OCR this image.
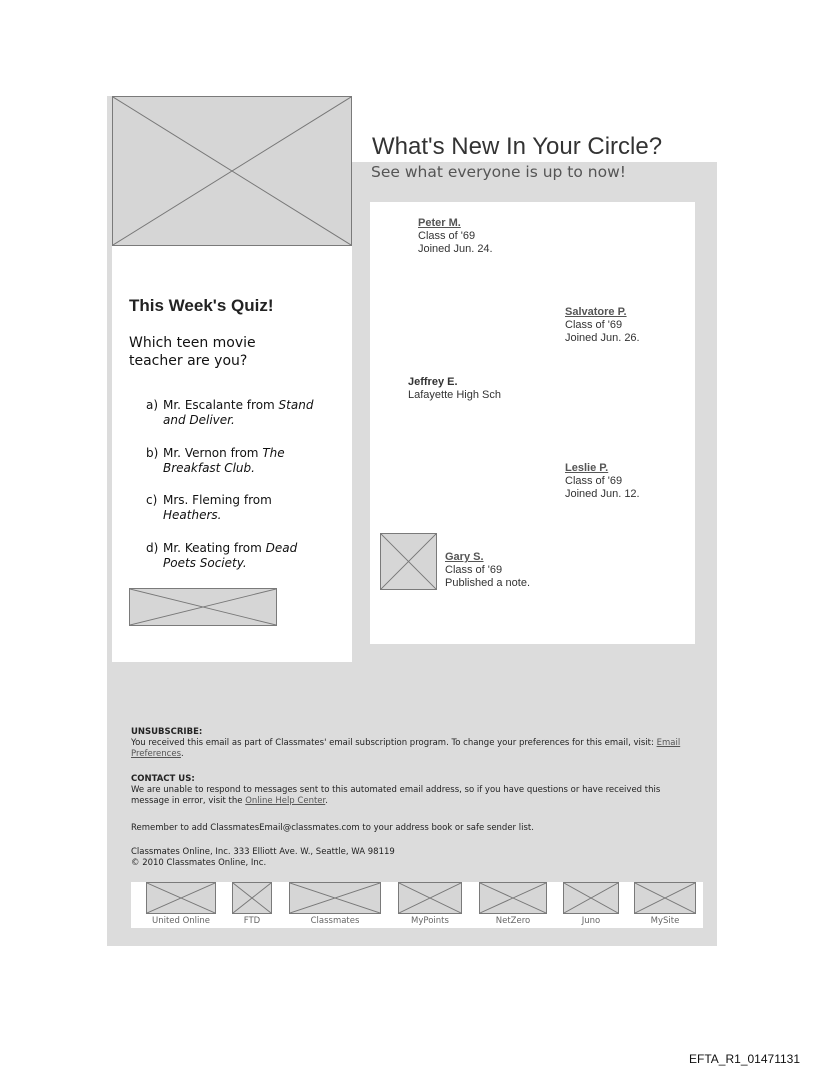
What's New In Your Circle?
See what everyone is up to now!
Peter M.
Class of '69
Joined Jun. 24.
Salvatore P.
Class of '69
Joined Jun. 26.
Jeffrey E.
Lafayette High Sch
Leslie P.
Class of '69
Joined Jun. 12.
Gary S.
Class of '69
Published a note.
This Week's Quiz!
Which teen movie teacher are you?
a) Mr. Escalante from Stand and Deliver.
b) Mr. Vernon from The Breakfast Club.
c) Mrs. Fleming from Heathers.
d) Mr. Keating from Dead Poets Society.
UNSUBSCRIBE:
You received this email as part of Classmates' email subscription program. To change your preferences for this email, visit: Email Preferences.
CONTACT US:
We are unable to respond to messages sent to this automated email address, so if you have questions or have received this message in error, visit the Online Help Center.
Remember to add ClassmatesEmail@classmates.com to your address book or safe sender list.
Classmates Online, Inc. 333 Elliott Ave. W., Seattle, WA 98119
© 2010 Classmates Online, Inc.
United Online	FTD	Classmates	MyPoints	NetZero	Juno	MySite
EFTA_R1_01471131
